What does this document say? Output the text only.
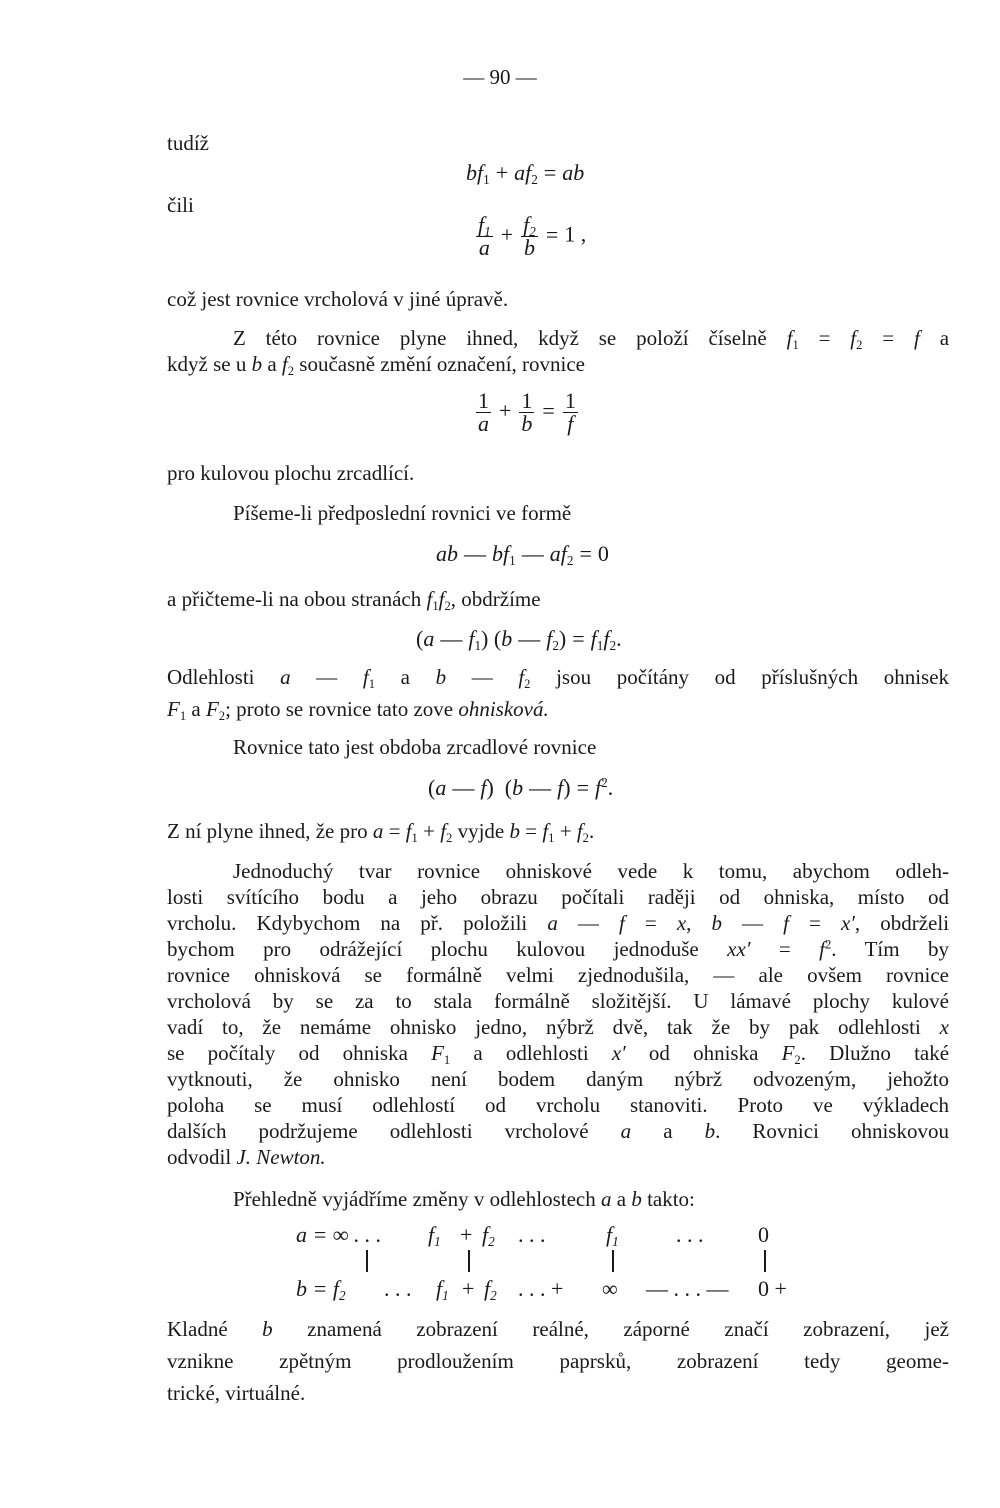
— 90 —
tudíž
$bf_1 + af_2$ = ab
čili
$\frac{f_1}{a} + \frac{f_2}{b} = 1$ ,
což jest rovnice vrcholová v jiné úpravě.
Z této rovnice plyne ihned, když se položí číselně $f_1 = f_2 = f$ a
když se u b a $f_2$ současně změní označení, rovnice
$\frac{1}{a} + \frac{1}{b} = \frac{1}{f}$
pro kulovou plochu zrcadlící.
Píšeme-li předposlední rovnici ve formě
ab — $bf_1$ — $af_2 = 0$
a přičteme-li na obou stranách $f_1f_2$, obdržíme
(a — $f_1$) (b — $f_2) = f_1f_2$.
Odlehlosti a — $f_1$ a b — $f_2$ jsou počítány od příslušných ohnisek
$F_1$ a $F_2$; proto se rovnice tato zove ohnisková.
Rovnice tato jest obdoba zrcadlové rovnice
(a — f)  (b — $f) = f^2$.
Z ní plyne ihned, že pro $a = f_1 + f_2$ vyjde $b = f_1 + f_2$.
Jednoduchý tvar rovnice ohniskové vede k tomu, abychom odleh-
losti svítícího bodu a jeho obrazu počítali raději od ohniska, místo od
vrcholu. Kdybychom na př. položili a — f = x, b — f = x′, obdrželi
bychom pro odrážející plochu kulovou jednoduše $xx' = f^2$. Tím by
rovnice ohnisková se formálně velmi zjednodušila, — ale ovšem rovnice
vrcholová by se za to stala formálně složitější. U lámavé plochy kulové
vadí to, že nemáme ohnisko jedno, nýbrž dvě, tak že by pak odlehlosti x
se počítaly od ohniska $F_1$ a odlehlosti x′ od ohniska $F_2$. Dlužno také
vytknouti, že ohnisko není bodem daným nýbrž odvozeným, jehožto
poloha se musí odlehlostí od vrcholu stanoviti. Proto ve výkladech
dalších podržujeme odlehlosti vrcholové a a b. Rovnici ohniskovou
odvodil J. Newton.
Přehledně vyjádříme změny v odlehlostech a a b takto:
a = ∞ . . . $f_1 + f_2$ . . .	$f_1$	. . . 0
$b = f_2$ . . . $f_1 + f_2$ . . . + ∞ — . . . — 0 +
Kladné b znamená zobrazení reálné, záporné značí zobrazení, jež
vznikne zpětným prodloužením paprsků, zobrazení tedy geome-
trické, virtuálné.
